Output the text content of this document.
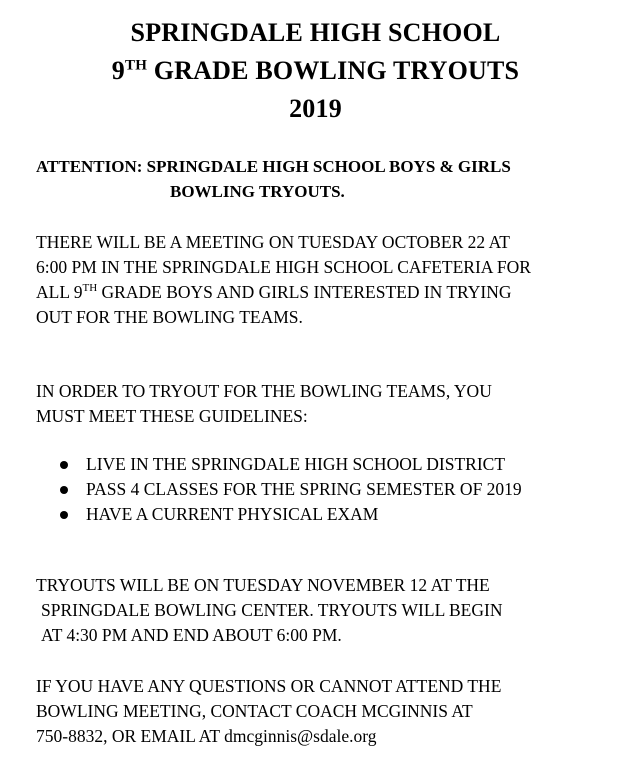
SPRINGDALE HIGH SCHOOL
9TH GRADE BOWLING TRYOUTS
2019
ATTENTION: SPRINGDALE HIGH SCHOOL BOYS & GIRLS
BOWLING TRYOUTS.
THERE WILL BE A MEETING ON TUESDAY OCTOBER 22 AT
6:00 PM IN THE SPRINGDALE HIGH SCHOOL CAFETERIA FOR
ALL 9TH GRADE BOYS AND GIRLS INTERESTED IN TRYING
OUT FOR THE BOWLING TEAMS.
IN ORDER TO TRYOUT FOR THE BOWLING TEAMS, YOU
MUST MEET THESE GUIDELINES:
LIVE IN THE SPRINGDALE HIGH SCHOOL DISTRICT
PASS 4 CLASSES FOR THE SPRING SEMESTER OF 2019
HAVE A CURRENT PHYSICAL EXAM
TRYOUTS WILL BE ON TUESDAY NOVEMBER 12 AT THE
SPRINGDALE BOWLING CENTER. TRYOUTS WILL BEGIN
AT 4:30 PM AND END ABOUT 6:00 PM.
IF YOU HAVE ANY QUESTIONS OR CANNOT ATTEND THE
BOWLING MEETING, CONTACT COACH MCGINNIS AT
750-8832, OR EMAIL AT dmcginnis@sdale.org
